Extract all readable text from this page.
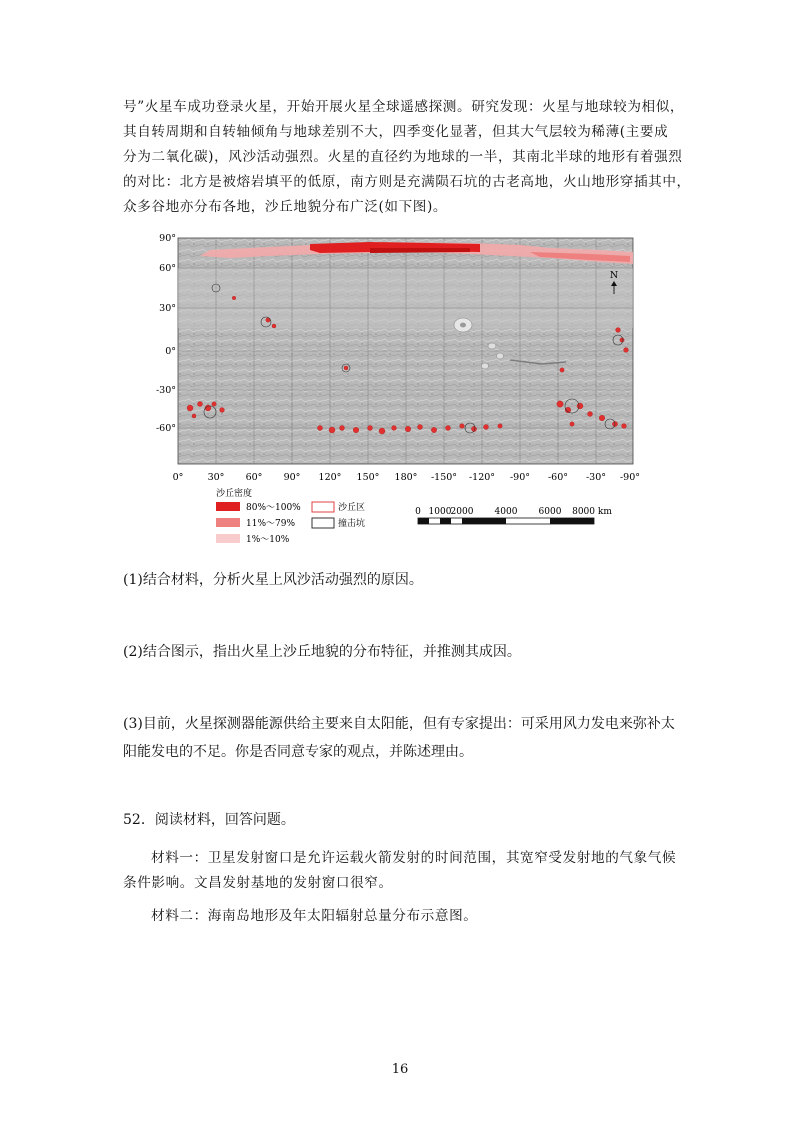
号”火星车成功登录火星，开始开展火星全球遥感探测。研究发现：火星与地球较为相似，
其自转周期和自转轴倾角与地球差别不大，四季变化显著，但其大气层较为稀薄(主要成
分为二氧化碳)，风沙活动强烈。火星的直径约为地球的一半，其南北半球的地形有着强烈
的对比：北方是被熔岩填平的低原，南方则是充满陨石坑的古老高地，火山地形穿插其中，
众多谷地亦分布各地，沙丘地貌分布广泛(如下图)。
N
90°
60°
30°
0°
-30°
-60°
0°	30° 60° 90° 120° 150° 180° -150° -120° -90° -60° -30° -90°
沙丘密度
80%～100%
11%～79%
1%～10%
沙丘区
撞击坑
0 1000 2000 4000 6000 8000 km
(1)结合材料，分析火星上风沙活动强烈的原因。
(2)结合图示，指出火星上沙丘地貌的分布特征，并推测其成因。
(3)目前，火星探测器能源供给主要来自太阳能，但有专家提出：可采用风力发电来弥补太
阳能发电的不足。你是否同意专家的观点，并陈述理由。
52．阅读材料，回答问题。
材料一：卫星发射窗口是允许运载火箭发射的时间范围，其宽窄受发射地的气象气候
条件影响。文昌发射基地的发射窗口很窄。
材料二：海南岛地形及年太阳辐射总量分布示意图。
16
